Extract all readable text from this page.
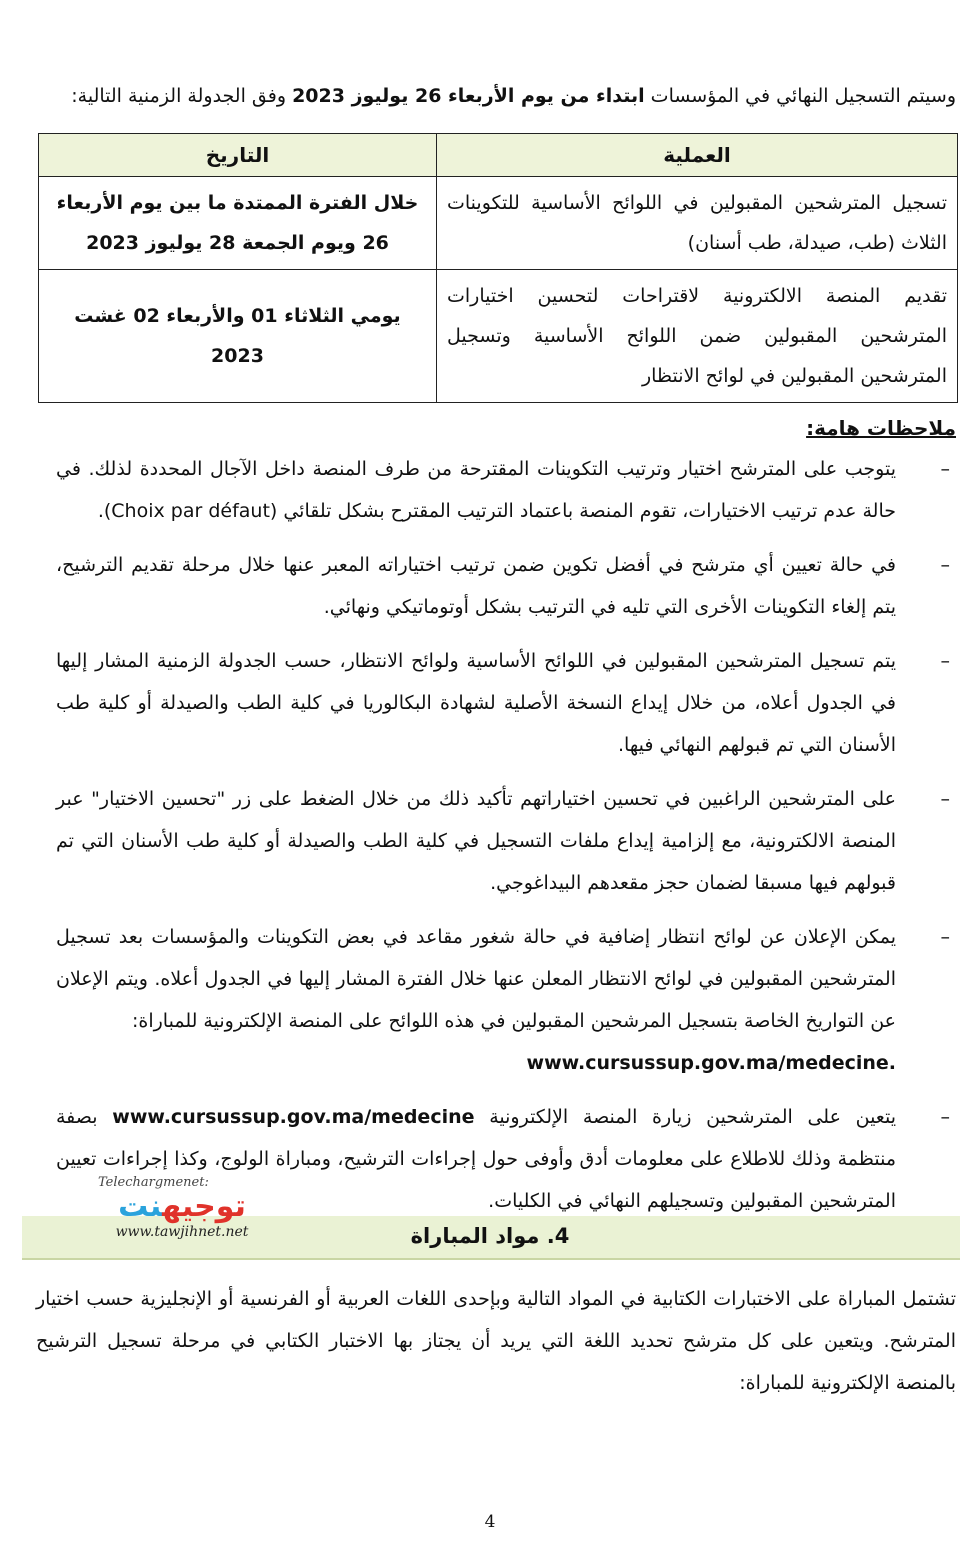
وسيتم التسجيل النهائي في المؤسسات ابتداء من يوم الأربعاء 26 يوليوز 2023 وفق الجدولة الزمنية التالية:

العملية	التاريخ
تسجيل المترشحين المقبولين في اللوائح الأساسية للتكوينات الثلاث (طب، صيدلة، طب أسنان)	خلال الفترة الممتدة ما بين يوم الأربعاء 26 ويوم الجمعة 28 يوليوز 2023
تقديم المنصة الالكترونية لاقتراحات لتحسين اختيارات المترشحين المقبولين ضمن اللوائح الأساسية وتسجيل المترشحين المقبولين في لوائح الانتظار	يومي الثلاثاء 01 والأربعاء 02 غشت 2023
ملاحظات هامة:
–
يتوجب على المترشح اختيار وترتيب التكوينات المقترحة من طرف المنصة داخل الآجال المحددة لذلك. في حالة عدم ترتيب الاختيارات، تقوم المنصة باعتماد الترتيب المقترح بشكل تلقائي (Choix par défaut).
–
في حالة تعيين أي مترشح في أفضل تكوين ضمن ترتيب اختياراته المعبر عنها خلال مرحلة تقديم الترشيح، يتم إلغاء التكوينات الأخرى التي تليه في الترتيب بشكل أوتوماتيكي ونهائي.
–
يتم تسجيل المترشحين المقبولين في اللوائح الأساسية ولوائح الانتظار، حسب الجدولة الزمنية المشار إليها في الجدول أعلاه، من خلال إيداع النسخة الأصلية لشهادة البكالوريا في كلية الطب والصيدلة أو كلية طب الأسنان التي تم قبولهم النهائي فيها.
–
على المترشحين الراغبين في تحسين اختياراتهم تأكيد ذلك من خلال الضغط على زر "تحسين الاختيار" عبر المنصة الالكترونية، مع إلزامية إيداع ملفات التسجيل في كلية الطب والصيدلة أو كلية طب الأسنان التي تم قبولهم فيها مسبقا لضمان حجز مقعدهم البيداغوجي.
–
يمكن الإعلان عن لوائح انتظار إضافية في حالة شغور مقاعد في بعض التكوينات والمؤسسات بعد تسجيل المترشحين المقبولين في لوائح الانتظار المعلن عنها خلال الفترة المشار إليها في الجدول أعلاه. ويتم الإعلان عن التواريخ الخاصة بتسجيل المرشحين المقبولين في هذه اللوائح على المنصة الإلكترونية للمباراة:
.www.cursussup.gov.ma/medecine
–
يتعين على المترشحين زيارة المنصة الإلكترونية www.cursussup.gov.ma/medecine بصفة منتظمة وذلك للاطلاع على معلومات أدق وأوفى حول إجراءات الترشيح، ومباراة الولوج، وكذا إجراءات تعيين المترشحين المقبولين وتسجيلهم النهائي في الكليات.
4. مواد المباراة
Telechargmenet:
توجيهنت
www.tawjihnet.net

تشتمل المباراة على الاختبارات الكتابية في المواد التالية وبإحدى اللغات العربية أو الفرنسية أو الإنجليزية حسب اختيار المترشح. ويتعين على كل مترشح تحديد اللغة التي يريد أن يجتاز بها الاختبار الكتابي في مرحلة تسجيل الترشيح بالمنصة الإلكترونية للمباراة:

4
